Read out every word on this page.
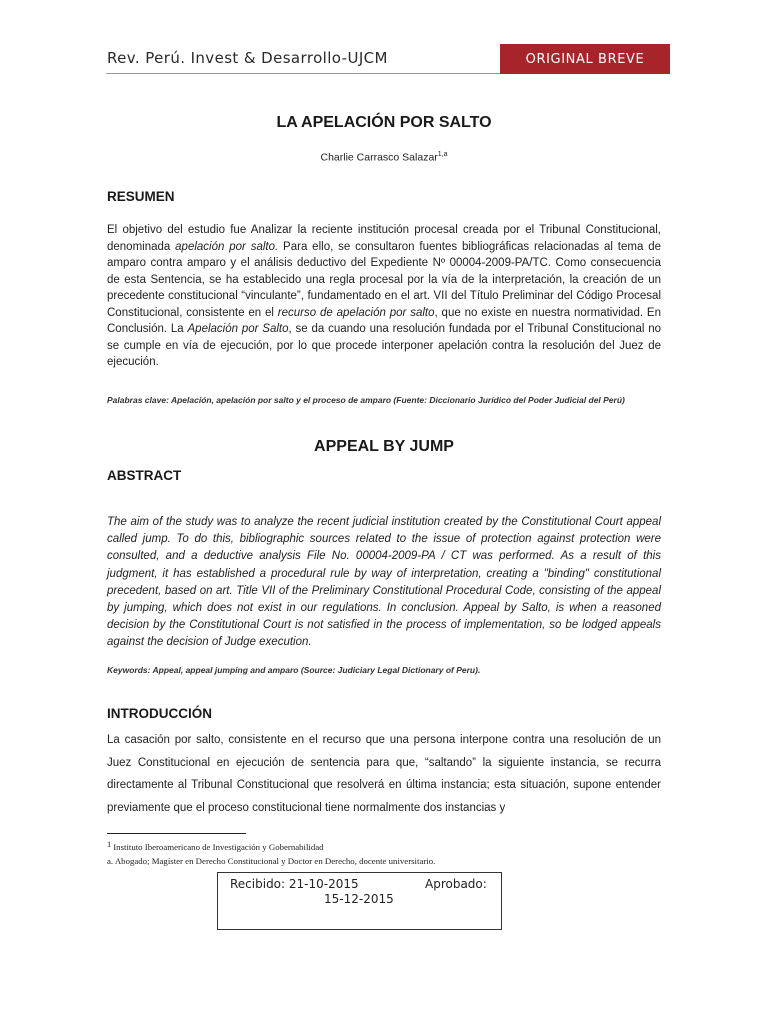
Rev. Perú. Invest & Desarrollo-UJCM	ORIGINAL BREVE
LA APELACIÓN POR SALTO
Charlie Carrasco Salazar$^{1,a}$
RESUMEN

El objetivo del estudio fue Analizar la reciente institución procesal creada por el Tribunal Constitucional, denominada apelación por salto. Para ello, se consultaron fuentes bibliográficas relacionadas al tema de amparo contra amparo y el análisis deductivo del Expediente Nº 00004-2009-PA/TC. Como consecuencia de esta Sentencia, se ha establecido una regla procesal por la vía de la interpretación, la creación de un precedente constitucional “vinculante”, fundamentado en el art. VII del Título Preliminar del Código Procesal Constitucional, consistente en el recurso de apelación por salto, que no existe en nuestra normatividad. En Conclusión. La Apelación por Salto, se da cuando una resolución fundada por el Tribunal Constitucional no se cumple en vía de ejecución, por lo que procede interponer apelación contra la resolución del Juez de ejecución.

Palabras clave: Apelación, apelación por salto y el proceso de amparo (Fuente: Diccionario Jurídico del Poder Judicial del Perú)

APPEAL BY JUMP
ABSTRACT

The aim of the study was to analyze the recent judicial institution created by the Constitutional Court appeal called jump. To do this, bibliographic sources related to the issue of protection against protection were consulted, and a deductive analysis File No. 00004-2009-PA / CT was performed. As a result of this judgment, it has established a procedural rule by way of interpretation, creating a "binding" constitutional precedent, based on art. Title VII of the Preliminary Constitutional Procedural Code, consisting of the appeal by jumping, which does not exist in our regulations. In conclusion. Appeal by Salto, is when a reasoned decision by the Constitutional Court is not satisfied in the process of implementation, so be lodged appeals against the decision of Judge execution.

Keywords: Appeal, appeal jumping and amparo (Source: Judiciary Legal Dictionary of Peru).

INTRODUCCIÓN

La casación por salto, consistente en el recurso que una persona interpone contra una resolución de un Juez Constitucional en ejecución de sentencia para que, “saltando” la siguiente instancia, se recurra directamente al Tribunal Constitucional que resolverá en última instancia; esta situación, supone entender previamente que el proceso constitucional tiene normalmente dos instancias y

$^1$ Instituto Iberoamericano de Investigación y Gobernabilidad
a. Abogado; Magíster en Derecho Constitucional y Doctor en Derecho, docente universitario.
Recibido: 21-10-2015	Aprobado:
15-12-2015
